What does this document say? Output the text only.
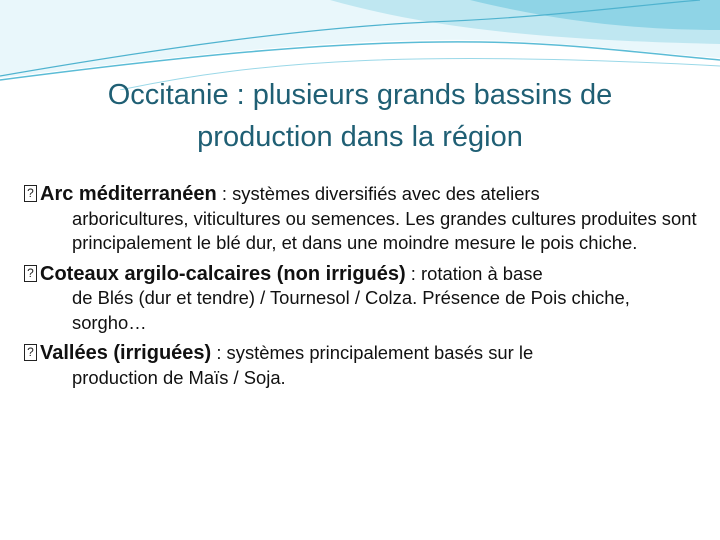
Occitanie : plusieurs grands bassins de
production dans la région
? Arc méditerranéen : systèmes diversifiés avec des ateliers
arboricultures, viticultures ou semences. Les grandes cultures produites sont principalement le blé dur, et dans une moindre mesure le pois chiche.
? Coteaux argilo-calcaires (non irrigués) : rotation à base
de Blés (dur et tendre) / Tournesol / Colza. Présence de Pois chiche, sorgho…
? Vallées (irriguées) : systèmes principalement basés sur le
production de Maïs / Soja.
